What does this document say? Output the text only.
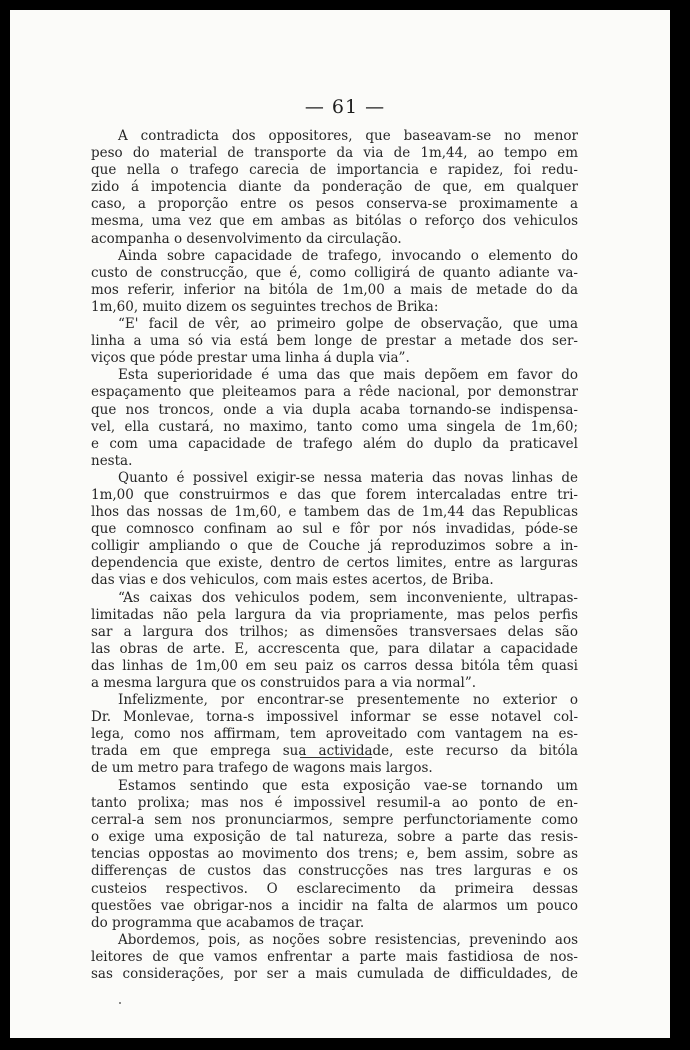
— 61 —
A contradicta dos oppositores, que baseavam-se no menor
peso do material de transporte da via de 1m,44, ao tempo em
que nella o trafego carecia de importancia e rapidez, foi redu-
zido á impotencia diante da ponderação de que, em qualquer
caso, a proporção entre os pesos conserva-se proximamente a
mesma, uma vez que em ambas as bitólas o reforço dos vehiculos
acompanha o desenvolvimento da circulação.
Ainda sobre capacidade de trafego, invocando o elemento do
custo de construcção, que é, como colligirá de quanto adiante va-
mos referir, inferior na bitóla de 1m,00 a mais de metade do da
1m,60, muito dizem os seguintes trechos de Brika:
“E' facil de vêr, ao primeiro golpe de observação, que uma
linha a uma só via está bem longe de prestar a metade dos ser-
viços que póde prestar uma linha á dupla via”.
Esta superioridade é uma das que mais depõem em favor do
espaçamento que pleiteamos para a rêde nacional, por demonstrar
que nos troncos, onde a via dupla acaba tornando-se indispensa-
vel, ella custará, no maximo, tanto como uma singela de 1m,60;
e com uma capacidade de trafego além do duplo da praticavel
nesta.
Quanto é possivel exigir-se nessa materia das novas linhas de
1m,00 que construirmos e das que forem intercaladas entre tri-
lhos das nossas de 1m,60, e tambem das de 1m,44 das Republicas
que comnosco confinam ao sul e fôr por nós invadidas, póde-se
colligir ampliando o que de Couche já reproduzimos sobre a in-
dependencia que existe, dentro de certos limites, entre as larguras
das vias e dos vehiculos, com mais estes acertos, de Briba.
“As caixas dos vehiculos podem, sem inconveniente, ultrapas-
limitadas não pela largura da via propriamente, mas pelos perfis
sar a largura dos trilhos; as dimensões transversaes delas são
las obras de arte. E, accrescenta que, para dilatar a capacidade
das linhas de 1m,00 em seu paiz os carros dessa bitóla têm quasi
a mesma largura que os construidos para a via normal”.
Infelizmente, por encontrar-se presentemente no exterior o
Dr. Monlevae, torna-s impossivel informar se esse notavel col-
lega, como nos affirmam, tem aproveitado com vantagem na es-
trada em que emprega sua actividade, este recurso da bitóla
de um metro para trafego de wagons mais largos.
Estamos sentindo que esta exposição vae-se tornando um
tanto prolixa; mas nos é impossivel resumil-a ao ponto de en-
cerral-a sem nos pronunciarmos, sempre perfunctoriamente como
o exige uma exposição de tal natureza, sobre a parte das resis-
tencias oppostas ao movimento dos trens; e, bem assim, sobre as
differenças de custos das construcções nas tres larguras e os
custeios respectivos. O esclarecimento da primeira dessas
questões vae obrigar-nos a incidir na falta de alarmos um pouco
do programma que acabamos de traçar.
Abordemos, pois, as noções sobre resistencias, prevenindo aos
leitores de que vamos enfrentar a parte mais fastidiosa de nos-
sas considerações, por ser a mais cumulada de difficuldades, de
